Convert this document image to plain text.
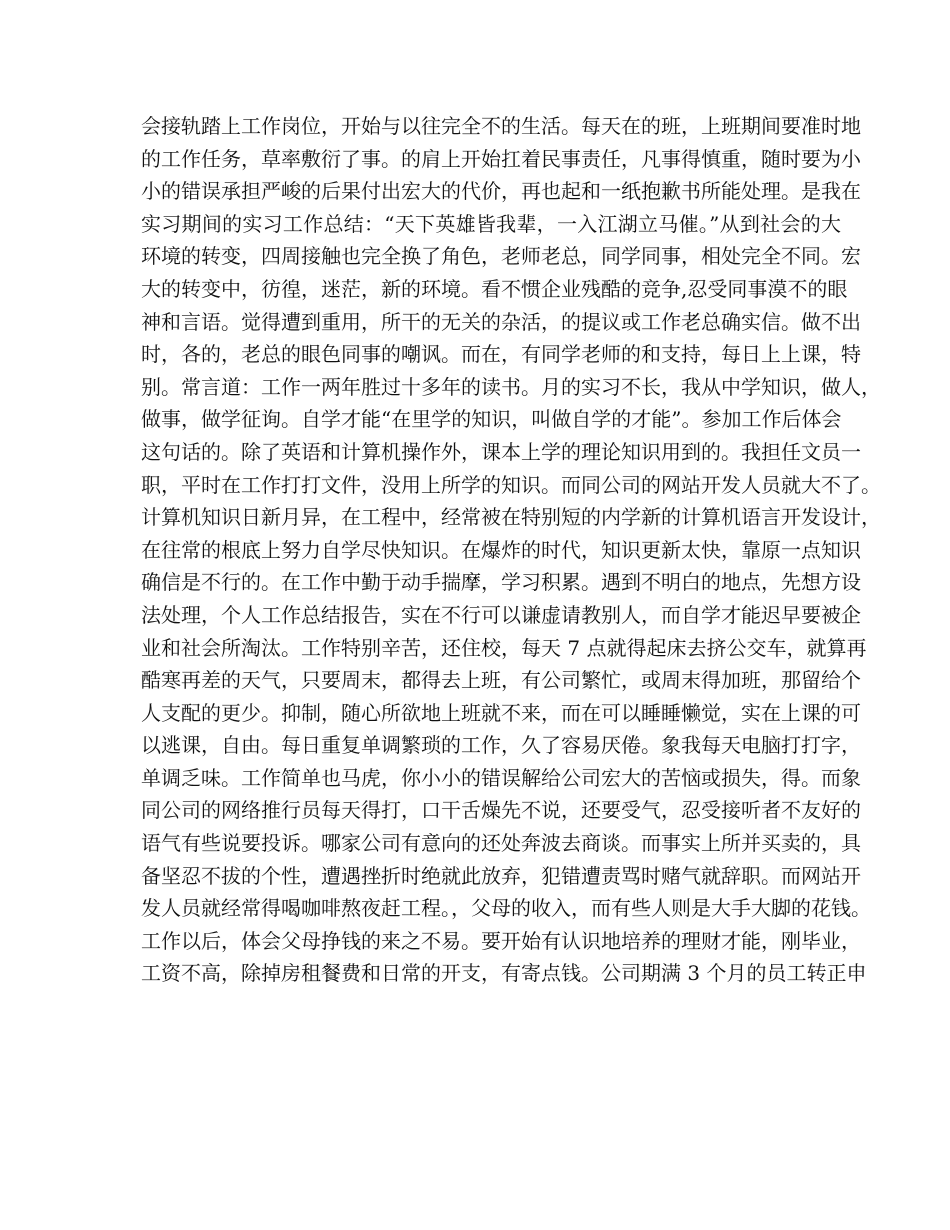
会接轨踏上工作岗位，开始与以往完全不的生活。每天在的班，上班期间要准时地
的工作任务，草率敷衍了事。的肩上开始扛着民事责任，凡事得慎重，随时要为小
小的错误承担严峻的后果付出宏大的代价，再也起和一纸抱歉书所能处理。是我在
实习期间的实习工作总结：“天下英雄皆我辈，一入江湖立马催。”从到社会的大
环境的转变，四周接触也完全换了角色，老师老总，同学同事，相处完全不同。宏
大的转变中，彷徨，迷茫，新的环境。看不惯企业残酷的竞争,忍受同事漠不的眼
神和言语。觉得遭到重用，所干的无关的杂活，的提议或工作老总确实信。做不出
时，各的，老总的眼色同事的嘲讽。而在，有同学老师的和支持，每日上上课，特
别。常言道：工作一两年胜过十多年的读书。月的实习不长，我从中学知识，做人，
做事，做学征询。自学才能“在里学的知识，叫做自学的才能”。参加工作后体会
这句话的。除了英语和计算机操作外，课本上学的理论知识用到的。我担任文员一
职，平时在工作打打文件，没用上所学的知识。而同公司的网站开发人员就大不了。
计算机知识日新月异，在工程中，经常被在特别短的内学新的计算机语言开发设计，
在往常的根底上努力自学尽快知识。在爆炸的时代，知识更新太快，靠原一点知识
确信是不行的。在工作中勤于动手揣摩，学习积累。遇到不明白的地点，先想方设
法处理，个人工作总结报告，实在不行可以谦虚请教别人，而自学才能迟早要被企
业和社会所淘汰。工作特别辛苦，还住校，每天 7 点就得起床去挤公交车，就算再
酷寒再差的天气，只要周末，都得去上班，有公司繁忙，或周末得加班，那留给个
人支配的更少。抑制，随心所欲地上班就不来，而在可以睡睡懒觉，实在上课的可
以逃课，自由。每日重复单调繁琐的工作，久了容易厌倦。象我每天电脑打打字，
单调乏味。工作简单也马虎，你小小的错误解给公司宏大的苦恼或损失，得。而象
同公司的网络推行员每天得打，口干舌燥先不说，还要受气，忍受接听者不友好的
语气有些说要投诉。哪家公司有意向的还处奔波去商谈。而事实上所并买卖的，具
备坚忍不拔的个性，遭遇挫折时绝就此放弃，犯错遭责骂时赌气就辞职。而网站开
发人员就经常得喝咖啡熬夜赶工程。，父母的收入，而有些人则是大手大脚的花钱。
工作以后，体会父母挣钱的来之不易。要开始有认识地培养的理财才能，刚毕业，
工资不高，除掉房租餐费和日常的开支，有寄点钱。公司期满 3 个月的员工转正申
